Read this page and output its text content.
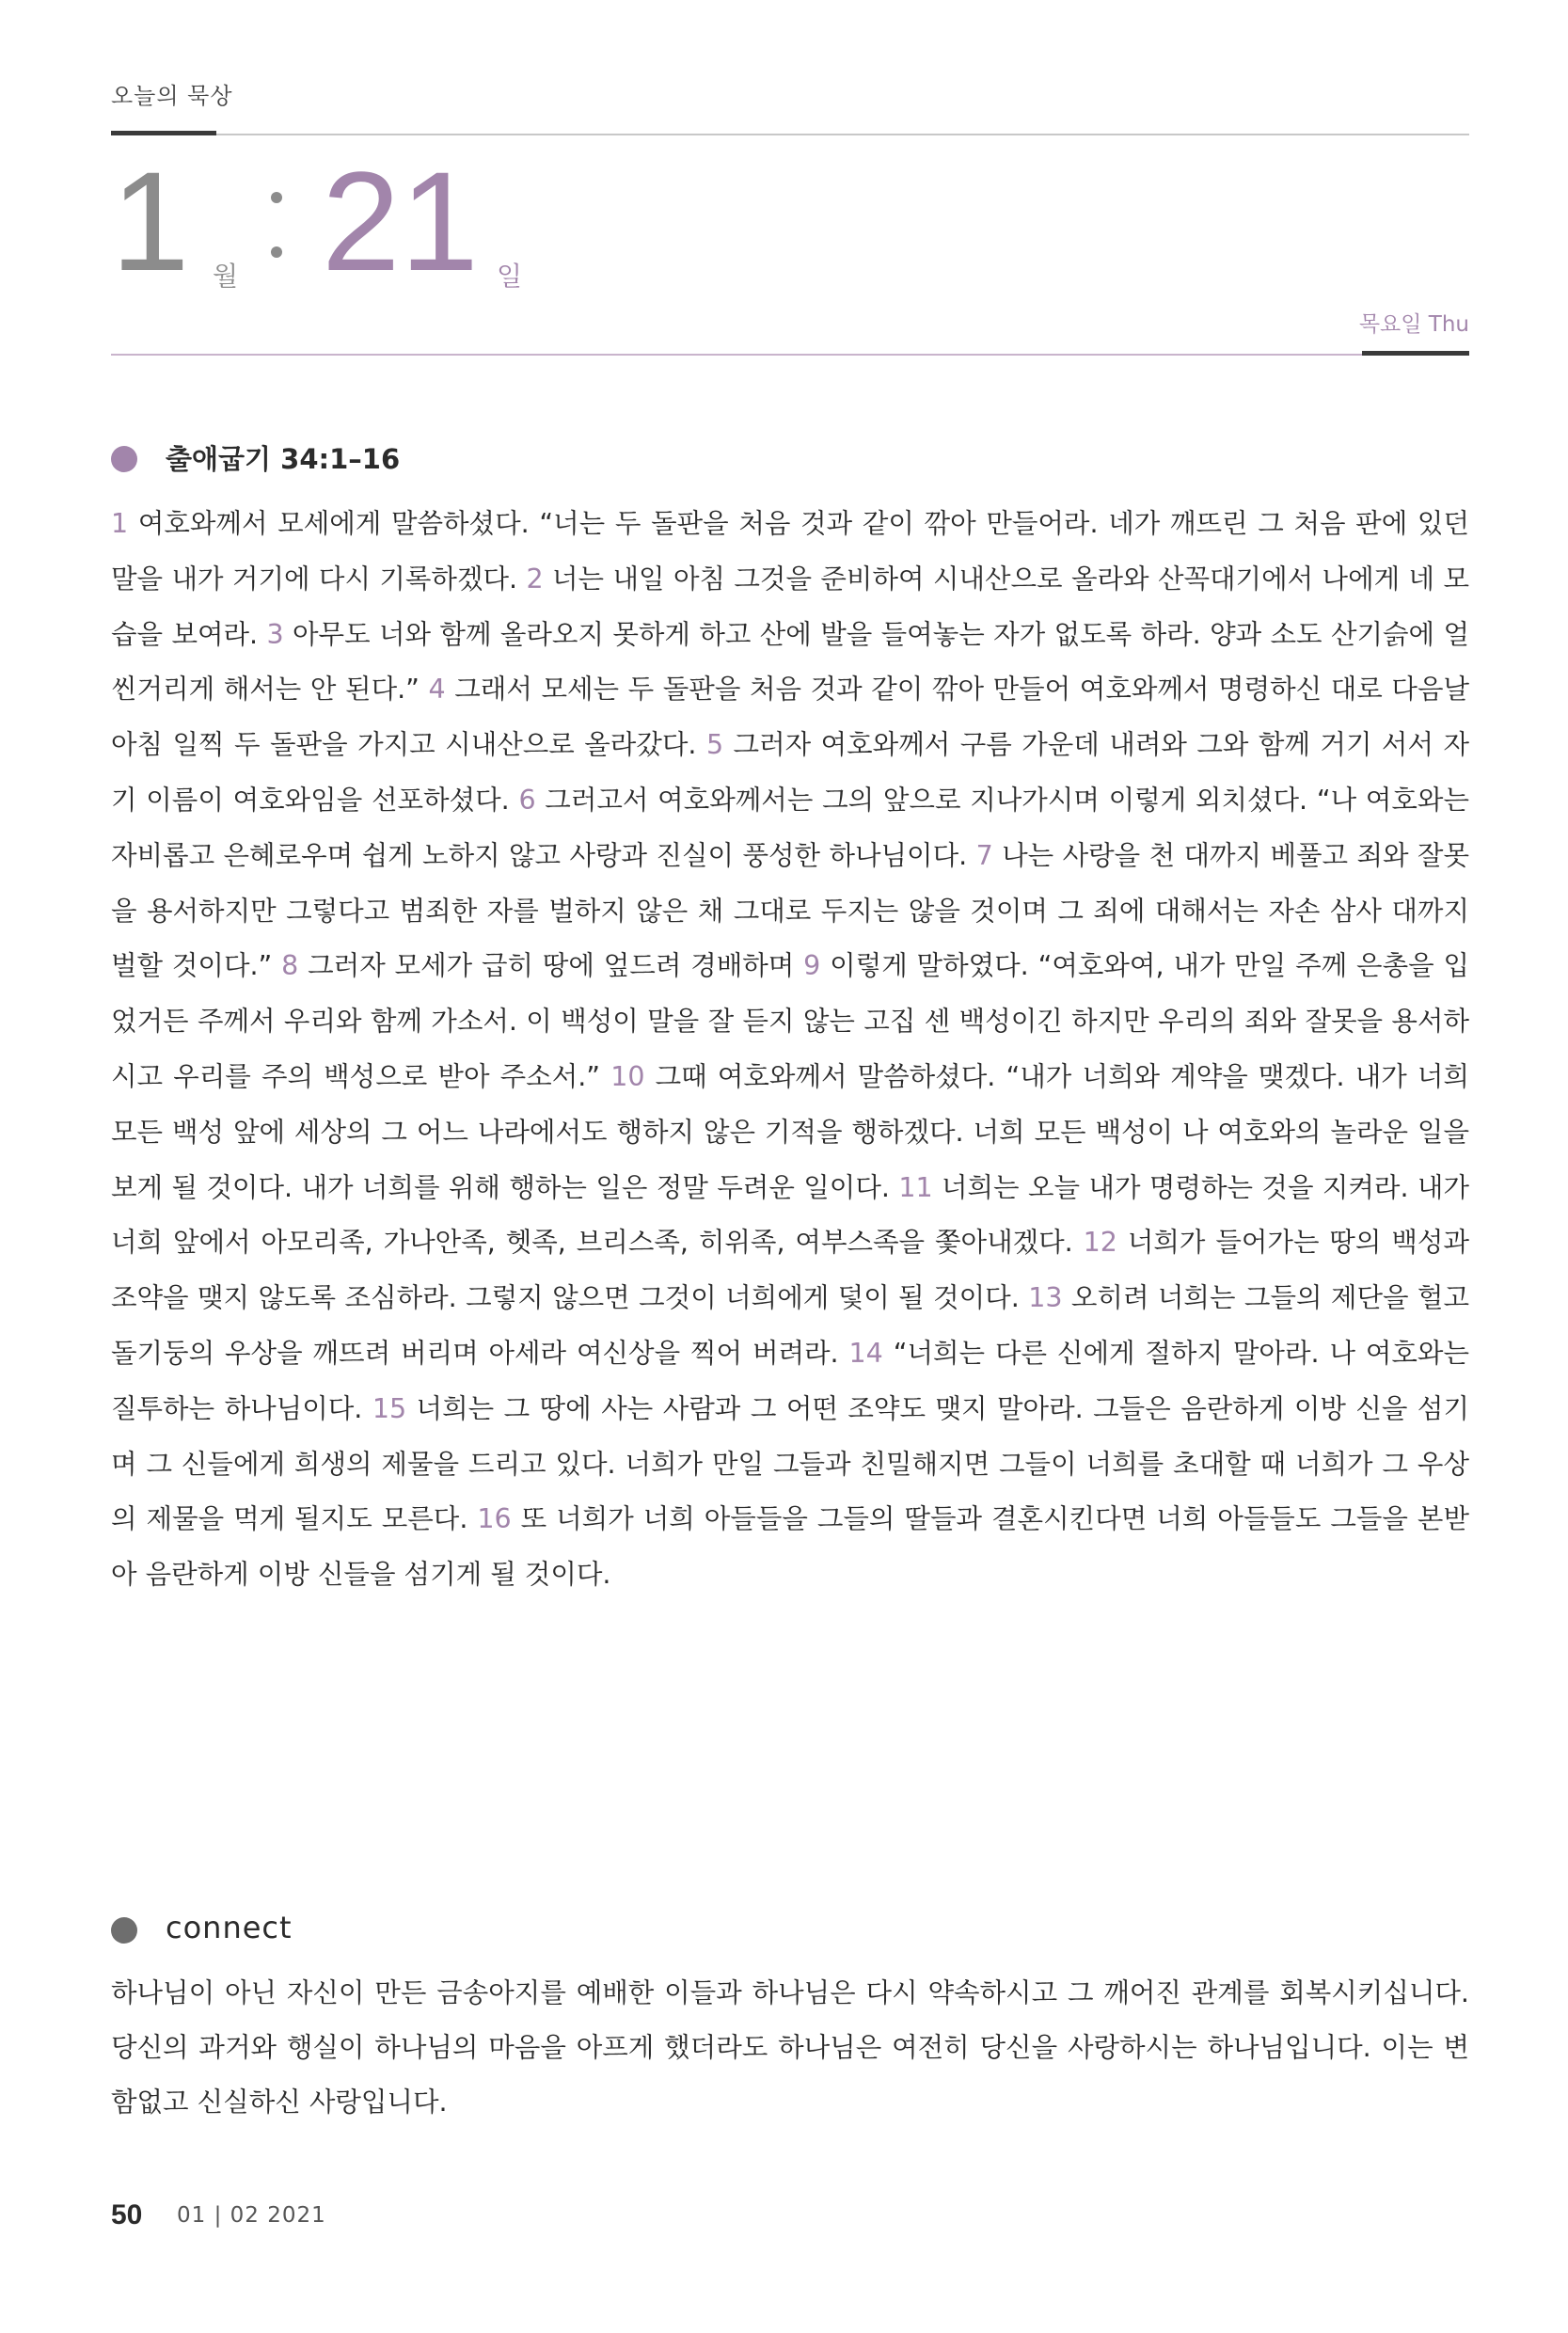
오늘의 묵상
1 월 21 일
목요일 Thu
출애굽기 34:1–16
1 여호와께서 모세에게 말씀하셨다. “너는 두 돌판을 처음 것과 같이 깎아 만들어라. 네가 깨뜨린 그 처음 판에 있던 말을 내가 거기에 다시 기록하겠다. 2 너는 내일 아침 그것을 준비하여 시내산으로 올라와 산꼭대기에서 나에게 네 모습을 보여라. 3 아무도 너와 함께 올라오지 못하게 하고 산에 발을 들여놓는 자가 없도록 하라. 양과 소도 산기슭에 얼씬거리게 해서는 안 된다.” 4 그래서 모세는 두 돌판을 처음 것과 같이 깎아 만들어 여호와께서 명령하신 대로 다음날 아침 일찍 두 돌판을 가지고 시내산으로 올라갔다. 5 그러자 여호와께서 구름 가운데 내려와 그와 함께 거기 서서 자기 이름이 여호와임을 선포하셨다. 6 그러고서 여호와께서는 그의 앞으로 지나가시며 이렇게 외치셨다. “나 여호와는 자비롭고 은혜로우며 쉽게 노하지 않고 사랑과 진실이 풍성한 하나님이다. 7 나는 사랑을 천 대까지 베풀고 죄와 잘못을 용서하지만 그렇다고 범죄한 자를 벌하지 않은 채 그대로 두지는 않을 것이며 그 죄에 대해서는 자손 삼사 대까지 벌할 것이다.” 8 그러자 모세가 급히 땅에 엎드려 경배하며 9 이렇게 말하였다. “여호와여, 내가 만일 주께 은총을 입었거든 주께서 우리와 함께 가소서. 이 백성이 말을 잘 듣지 않는 고집 센 백성이긴 하지만 우리의 죄와 잘못을 용서하시고 우리를 주의 백성으로 받아 주소서.” 10 그때 여호와께서 말씀하셨다. “내가 너희와 계약을 맺겠다. 내가 너희 모든 백성 앞에 세상의 그 어느 나라에서도 행하지 않은 기적을 행하겠다. 너희 모든 백성이 나 여호와의 놀라운 일을 보게 될 것이다. 내가 너희를 위해 행하는 일은 정말 두려운 일이다. 11 너희는 오늘 내가 명령하는 것을 지켜라. 내가 너희 앞에서 아모리족, 가나안족, 헷족, 브리스족, 히위족, 여부스족을 쫓아내겠다. 12 너희가 들어가는 땅의 백성과 조약을 맺지 않도록 조심하라. 그렇지 않으면 그것이 너희에게 덫이 될 것이다. 13 오히려 너희는 그들의 제단을 헐고 돌기둥의 우상을 깨뜨려 버리며 아세라 여신상을 찍어 버려라. 14 “너희는 다른 신에게 절하지 말아라. 나 여호와는 질투하는 하나님이다. 15 너희는 그 땅에 사는 사람과 그 어떤 조약도 맺지 말아라. 그들은 음란하게 이방 신을 섬기며 그 신들에게 희생의 제물을 드리고 있다. 너희가 만일 그들과 친밀해지면 그들이 너희를 초대할 때 너희가 그 우상의 제물을 먹게 될지도 모른다. 16 또 너희가 너희 아들들을 그들의 딸들과 결혼시킨다면 너희 아들들도 그들을 본받아 음란하게 이방 신들을 섬기게 될 것이다.
connect
하나님이 아닌 자신이 만든 금송아지를 예배한 이들과 하나님은 다시 약속하시고 그 깨어진 관계를 회복시키십니다. 당신의 과거와 행실이 하나님의 마음을 아프게 했더라도 하나님은 여전히 당신을 사랑하시는 하나님입니다. 이는 변함없고 신실하신 사랑입니다.
50 01 | 02 2021
